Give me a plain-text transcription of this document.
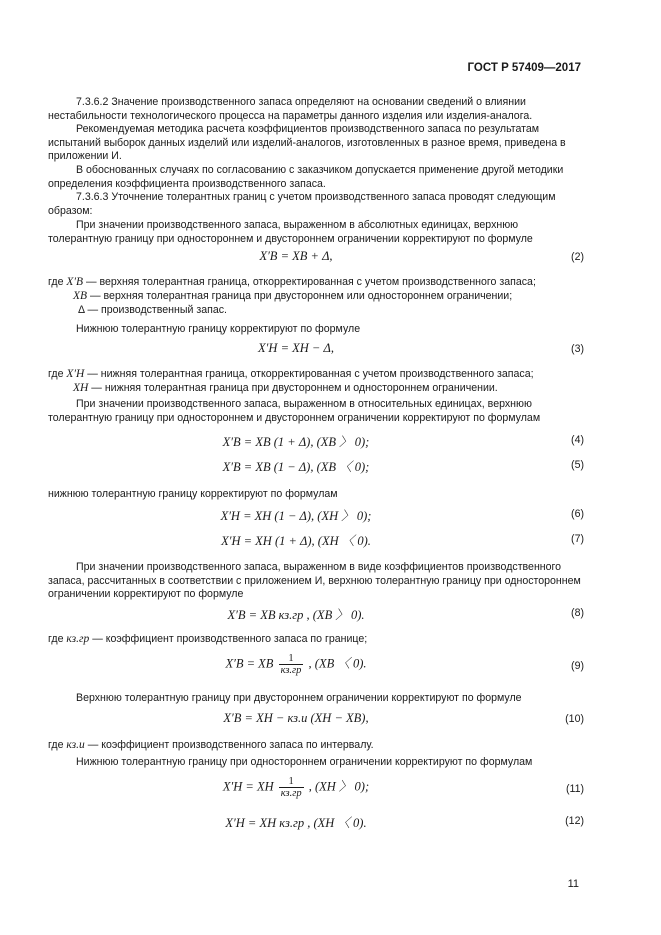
ГОСТ Р 57409—2017

7.3.6.2 Значение производственного запаса определяют на основании сведений о влиянии нестабильности технологического процесса на параметры данного изделия или изделия-аналога.

Рекомендуемая методика расчета коэффициентов производственного запаса по результатам испытаний выборок данных изделий или изделий-аналогов, изготовленных в разное время, приведена в приложении И.

В обоснованных случаях по согласованию с заказчиком допускается применение другой методики определения коэффициента производственного запаса.

7.3.6.3 Уточнение толерантных границ с учетом производственного запаса проводят следующим образом:

При значении производственного запаса, выраженном в абсолютных единицах, верхнюю толерантную границу при одностороннем и двустороннем ограничении корректируют по формуле

X′В = XВ + Δ,	(2)
где X′В — верхняя толерантная граница, откорректированная с учетом производственного запаса;
XВ — верхняя толерантная граница при двустороннем или одностороннем ограничении;
Δ — производственный запас.

Нижнюю толерантную границу корректируют по формуле

X′Н = XН − Δ,	(3)
где X′Н — нижняя толерантная граница, откорректированная с учетом производственного запаса;
XН — нижняя толерантная граница при двустороннем и одностороннем ограничении.

При значении производственного запаса, выраженном в относительных единицах, верхнюю толерантную границу при одностороннем и двустороннем ограничении корректируют по формулам

X′В = XВ (1 + Δ), (XВ 〉 0);	(4)
X′В = XВ (1 − Δ), (XВ 〈 0);	(5)

нижнюю толерантную границу корректируют по формулам

X′Н = XН (1 − Δ), (XН 〉 0);	(6)
X′Н = XН (1 + Δ), (XН 〈 0).	(7)

При значении производственного запаса, выраженном в виде коэффициентов производственного запаса, рассчитанных в соответствии с приложением И, верхнюю толерантную границу при одностороннем ограничении корректируют по формуле

X′В = XВ кз.гр , (XВ 〉 0).	(8)
где кз.гр — коэффициент производственного запаса по границе;
X′В = XВ $\frac{1}{кз.гр}$ , (XВ 〈 0).	(9)

Верхнюю толерантную границу при двустороннем ограничении корректируют по формуле

X′В = XН − кз.и (XН − XВ),	(10)
где кз.и — коэффициент производственного запаса по интервалу.

Нижнюю толерантную границу при одностороннем ограничении корректируют по формулам

X′Н = XН $\frac{1}{кз.гр}$ , (XН 〉 0);	(11)
X′Н = XН кз.гр , (XН 〈 0).	(12)
11
